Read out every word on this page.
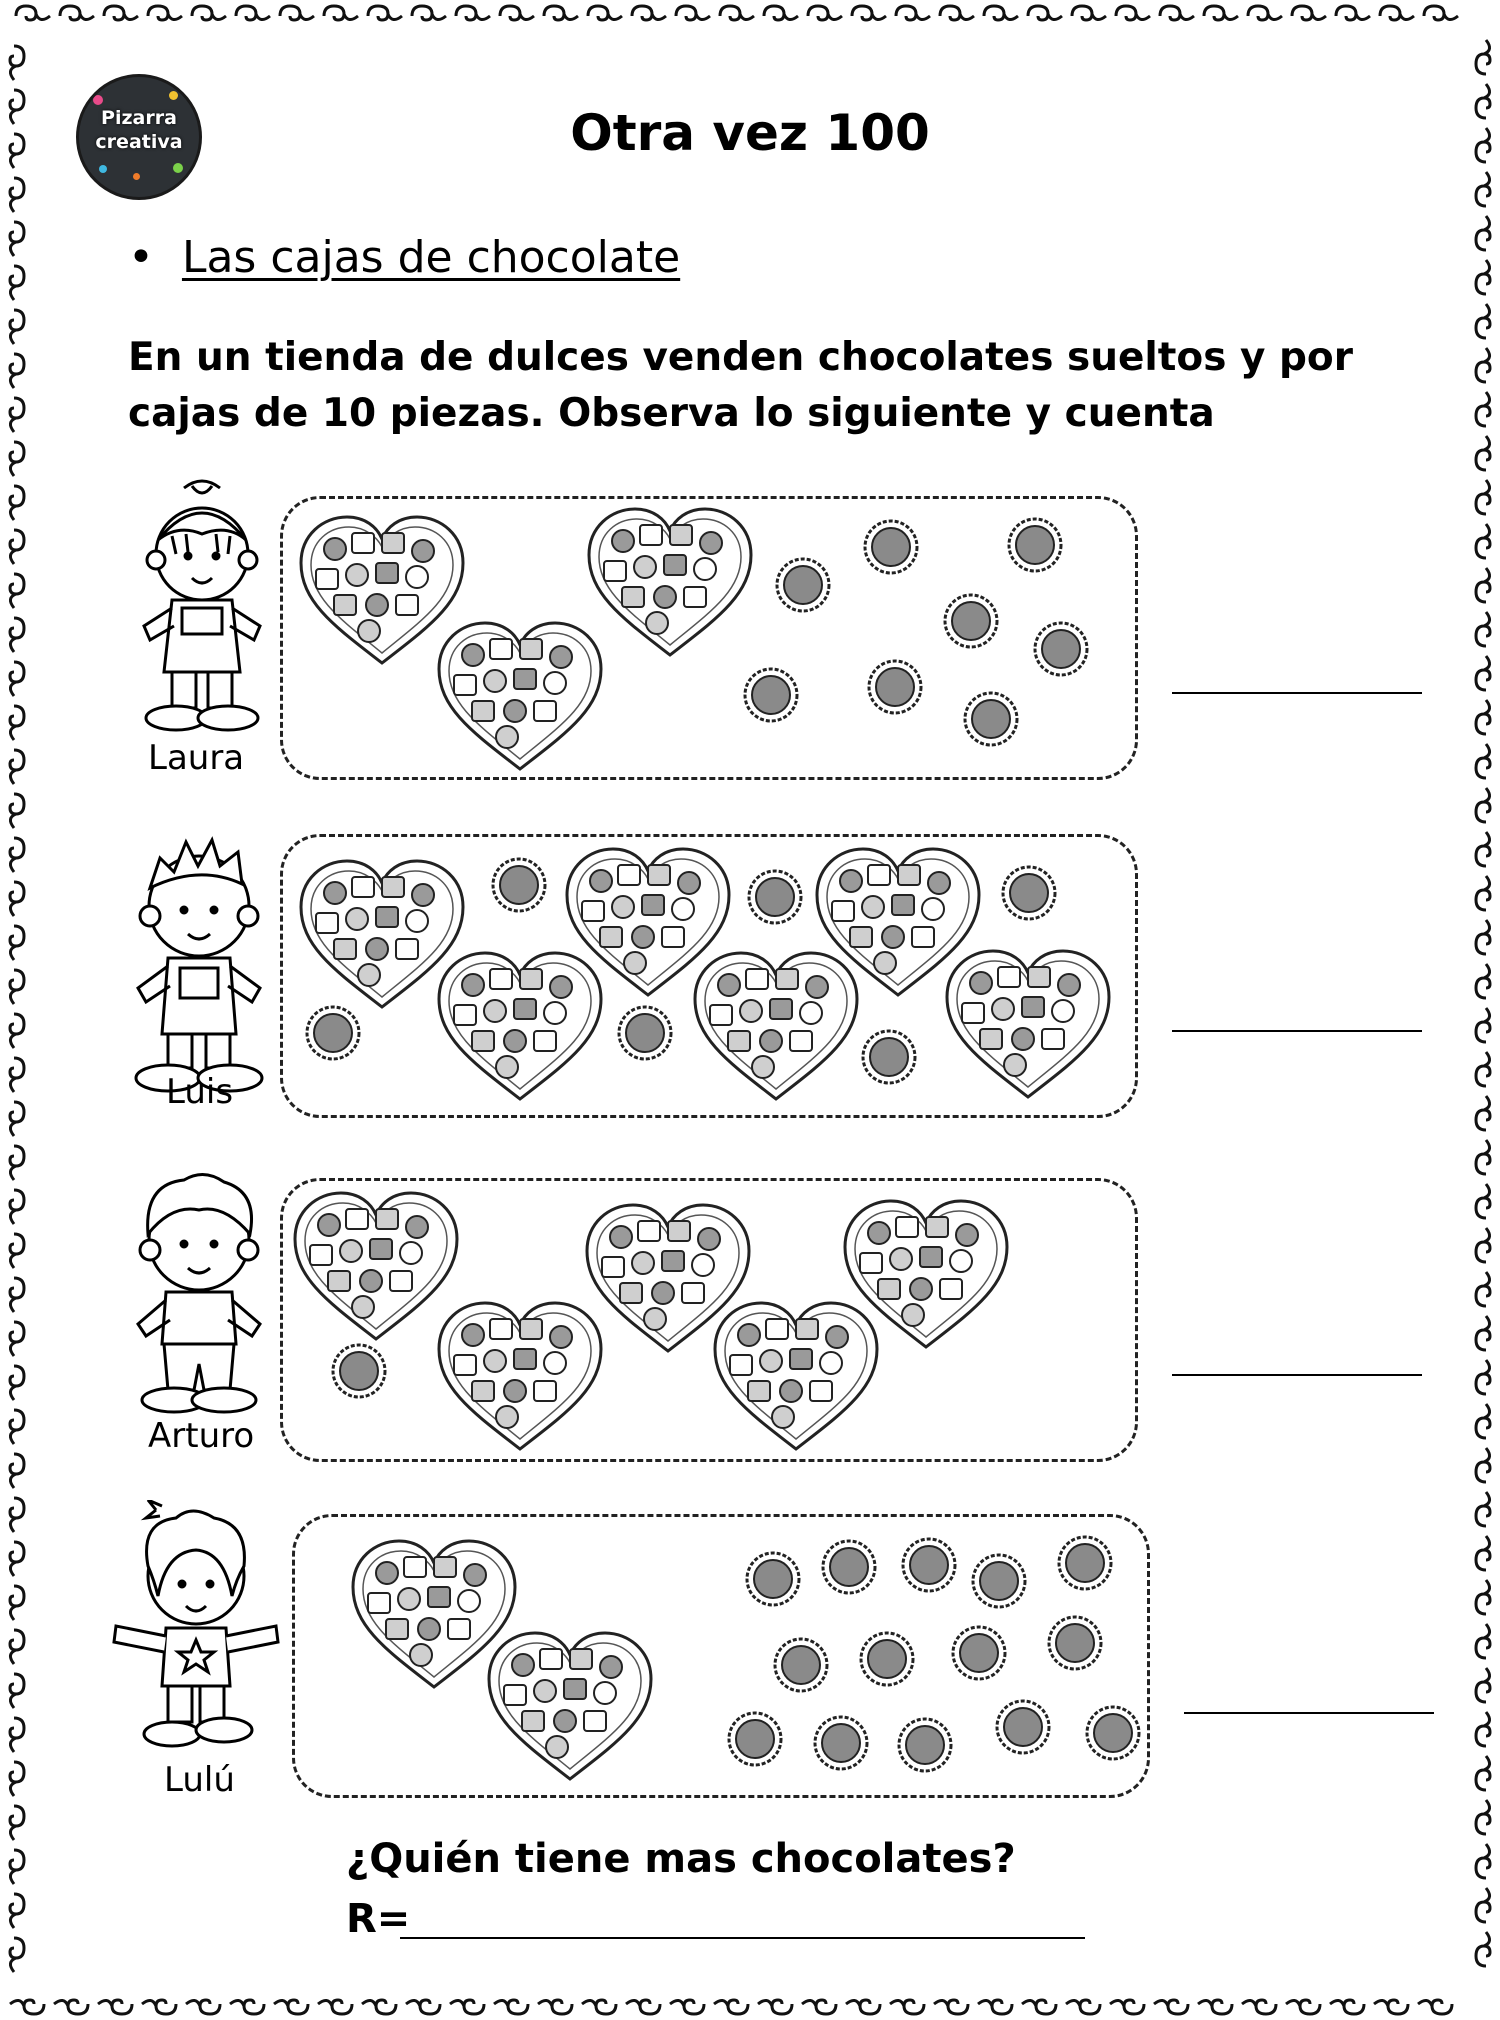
Pizarra
creativa	Otra vez 100
• Las cajas de chocolate
En un tienda de dulces venden chocolates sueltos y por cajas de 10 piezas. Observa lo siguiente y cuenta
Laura
Luis
Arturo
Lulú
¿Quién tiene mas chocolates?
R=
